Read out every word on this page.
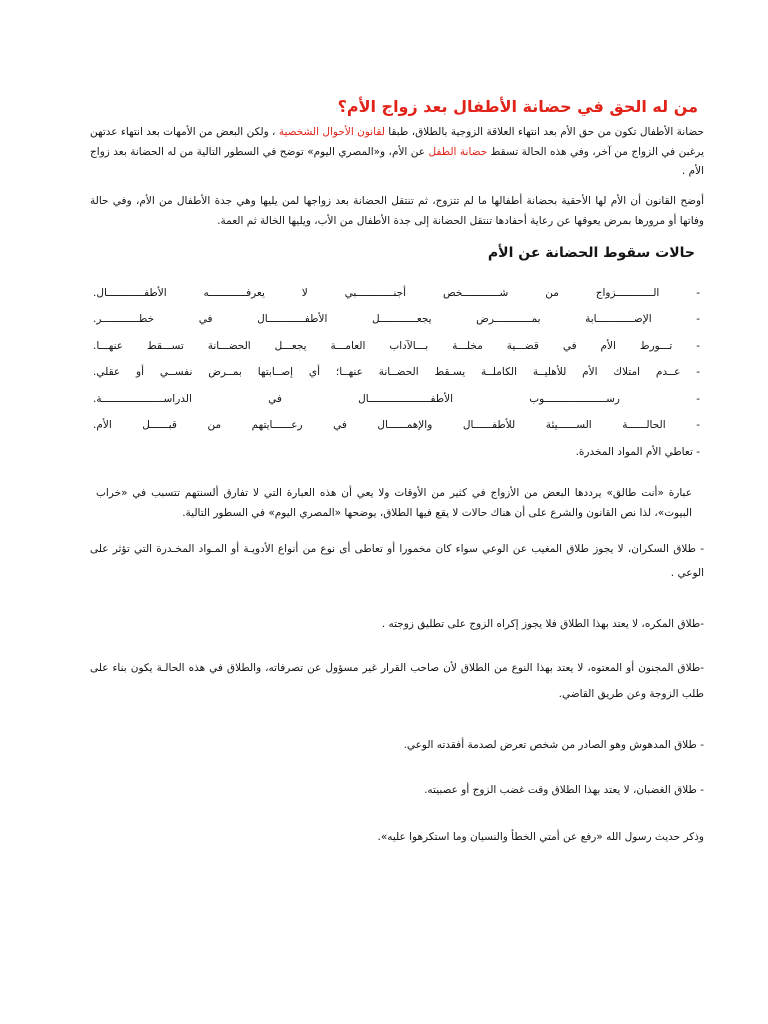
من له الحق في حضانة الأطفال بعد زواج الأم؟

حضانة الأطفال تكون من حق الأم بعد انتهاء العلاقة الزوجية بالطلاق، طبقا لقانون الأحوال الشخصية ، ولكن البعض من الأمهات بعد انتهاء عدتهن يرغبن في الزواج من آخر، وفي هذه الحالة تسقط حضانة الطفل عن الأم، و«المصري اليوم» توضح في السطور التالية من له الحضانة بعد زواج الأم .

أوضح القانون أن الأم لها الأحقية بحضانة أطفالها ما لم تتزوج، ثم تنتقل الحضانة بعد زواجها لمن يليها وهي جدة الأطفال من الأم، وفي حالة وفاتها أو مرورها بمرض يعوقها عن رعاية أحفادها تنتقل الحضانة إلى جدة الأطفال من الأب، ويليها الخالة ثم العمة.

حالات سقوط الحضانة عن الأم
- الــــــــــــزواج من شــــــــــــخص أجنــــــــــــبي لا يعرفــــــــــــه الأطفــــــــــــال.
- الإصــــــــــــابة بمــــــــــــرض يجعــــــــــــل الأطفــــــــــــال في خطــــــــــــر.
- تـــورط الأم في قضـــية مخلـــة بـــالآداب العامـــة يجعـــل الحضـــانة تســـقط عنهـــا.
- عــدم امتلاك الأم للأهليــة الكاملــة يسـقط الحضــانة عنهــا؛ أي إصــابتها بمــرض نفســي أو عقلي.
- رســــــــــــــــــــوب الأطفــــــــــــــــــــال في الدراســــــــــــــــــــة.
- الحالــــــة الســــــيئة للأطفــــــال والإهمــــــال في رعــــــايتهم من قبــــــل الأم.
- تعاطي الأم المواد المخدرة.

عبارة «أنت طالق» يرددها البعض من الأزواج في كثير من الأوقات ولا يعي أن هذه العبارة التي لا تفارق ألسنتهم تتسبب في «خراب البيوت»، لذا نص القانون والشرع على أن هناك حالات لا يقع فيها الطلاق، يوضحها «المصري اليوم» في السطور التالية.

- طلاق السكران، لا يجوز طلاق المغيب عن الوعي سواء كان مخمورا أو تعاطى أى نوع من أنواع الأدويـة أو المـواد المخـدرة التي تؤثر على الوعي .

-طلاق المكره، لا يعتد بهذا الطلاق فلا يجوز إكراه الزوج على تطليق زوجته .

-طلاق المجنون أو المعتوه، لا يعتد بهذا النوع من الطلاق لأن صاحب القرار غير مسؤول عن تصرفاته، والطلاق في هذه الحالـة يكون بناء على طلب الزوجة وعن طريق القاضي.

- طلاق المدهوش وهو الصادر من شخص تعرض لصدمة أفقدته الوعي.

- طلاق الغضبان، لا يعتد بهذا الطلاق وقت غضب الزوج أو عصبيته.

وذكر حديث رسول الله «رفع عن أمتي الخطأ والنسيان وما استكرهوا عليه».
